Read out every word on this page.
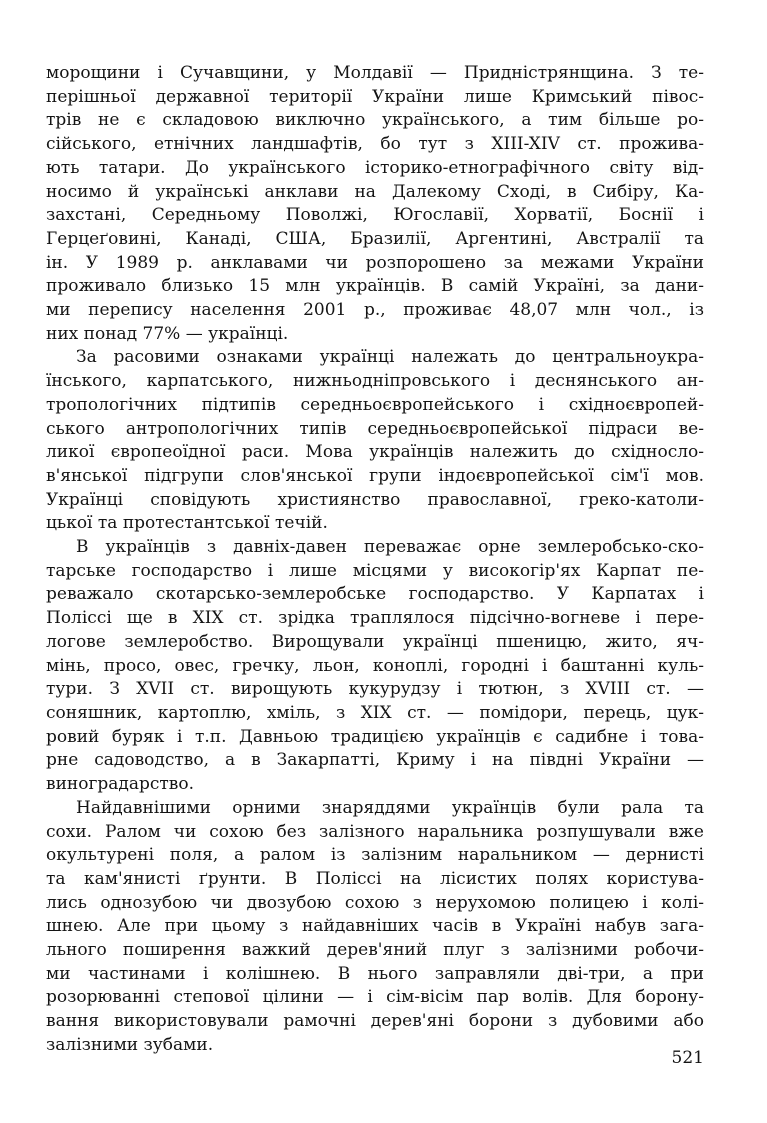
морощини і Сучавщини, у Молдавії — Придністрянщина. З те-
перішньої державної території України лише Кримський півос-
трів не є складовою виключно українського, а тим більше ро-
сійського, етнічних ландшафтів, бо тут з XIII-XIV ст. прожива-
ють татари. До українського історико-етнографічного світу від-
носимо й українські анклави на Далекому Сході, в Сибіру, Ка-
захстані, Середньому Поволжі, Югославії, Хорватії, Боснії і
Герцеґовині, Канаді, США, Бразилії, Аргентині, Австралії та
ін. У 1989 р. анклавами чи розпорошено за межами України
проживало близько 15 млн українців. В самій Україні, за дани-
ми перепису населення 2001 р., проживає 48,07 млн чол., із
них понад 77% — українці.
За расовими ознаками українці належать до центральноукра-
їнського, карпатського, нижньодніпровського і деснянського ан-
тропологічних підтипів середньоєвропейського і східноєвропей-
ського антропологічних типів середньоєвропейської підраси ве-
ликої європеоїдної раси. Мова українців належить до східносло-
в'янської підгрупи слов'янської групи індоєвропейської сім'ї мов.
Українці сповідують християнство православної, греко-католи-
цької та протестантської течій.
В українців з давніх-давен переважає орне землеробсько-ско-
тарське господарство і лише місцями у високогір'ях Карпат пе-
реважало скотарсько-землеробське господарство. У Карпатах і
Поліссі ще в XIX ст. зрідка траплялося підсічно-вогневе і пере-
логове землеробство. Вирощували українці пшеницю, жито, яч-
мінь, просо, овес, гречку, льон, коноплі, городні і баштанні куль-
тури. З XVII ст. вирощують кукурудзу і тютюн, з XVIII ст. —
соняшник, картоплю, хміль, з XIX ст. — помідори, перець, цук-
ровий буряк і т.п. Давньою традицією українців є садибне і това-
рне садоводство, а в Закарпатті, Криму і на півдні України —
виноградарство.
Найдавнішими орними знаряддями українців були рала та
сохи. Ралом чи сохою без залізного наральника розпушували вже
окультурені поля, а ралом із залізним наральником — дернисті
та кам'янисті ґрунти. В Поліссі на лісистих полях користува-
лись однозубою чи двозубою сохою з нерухомою полицею і колі-
шнею. Але при цьому з найдавніших часів в Україні набув зага-
льного поширення важкий дерев'яний плуг з залізними робочи-
ми частинами і колішнею. В нього заправляли дві-три, а при
розорюванні степової цілини — і сім-вісім пар волів. Для борону-
вання використовували рамочні дерев'яні борони з дубовими або
залізними зубами.
521
